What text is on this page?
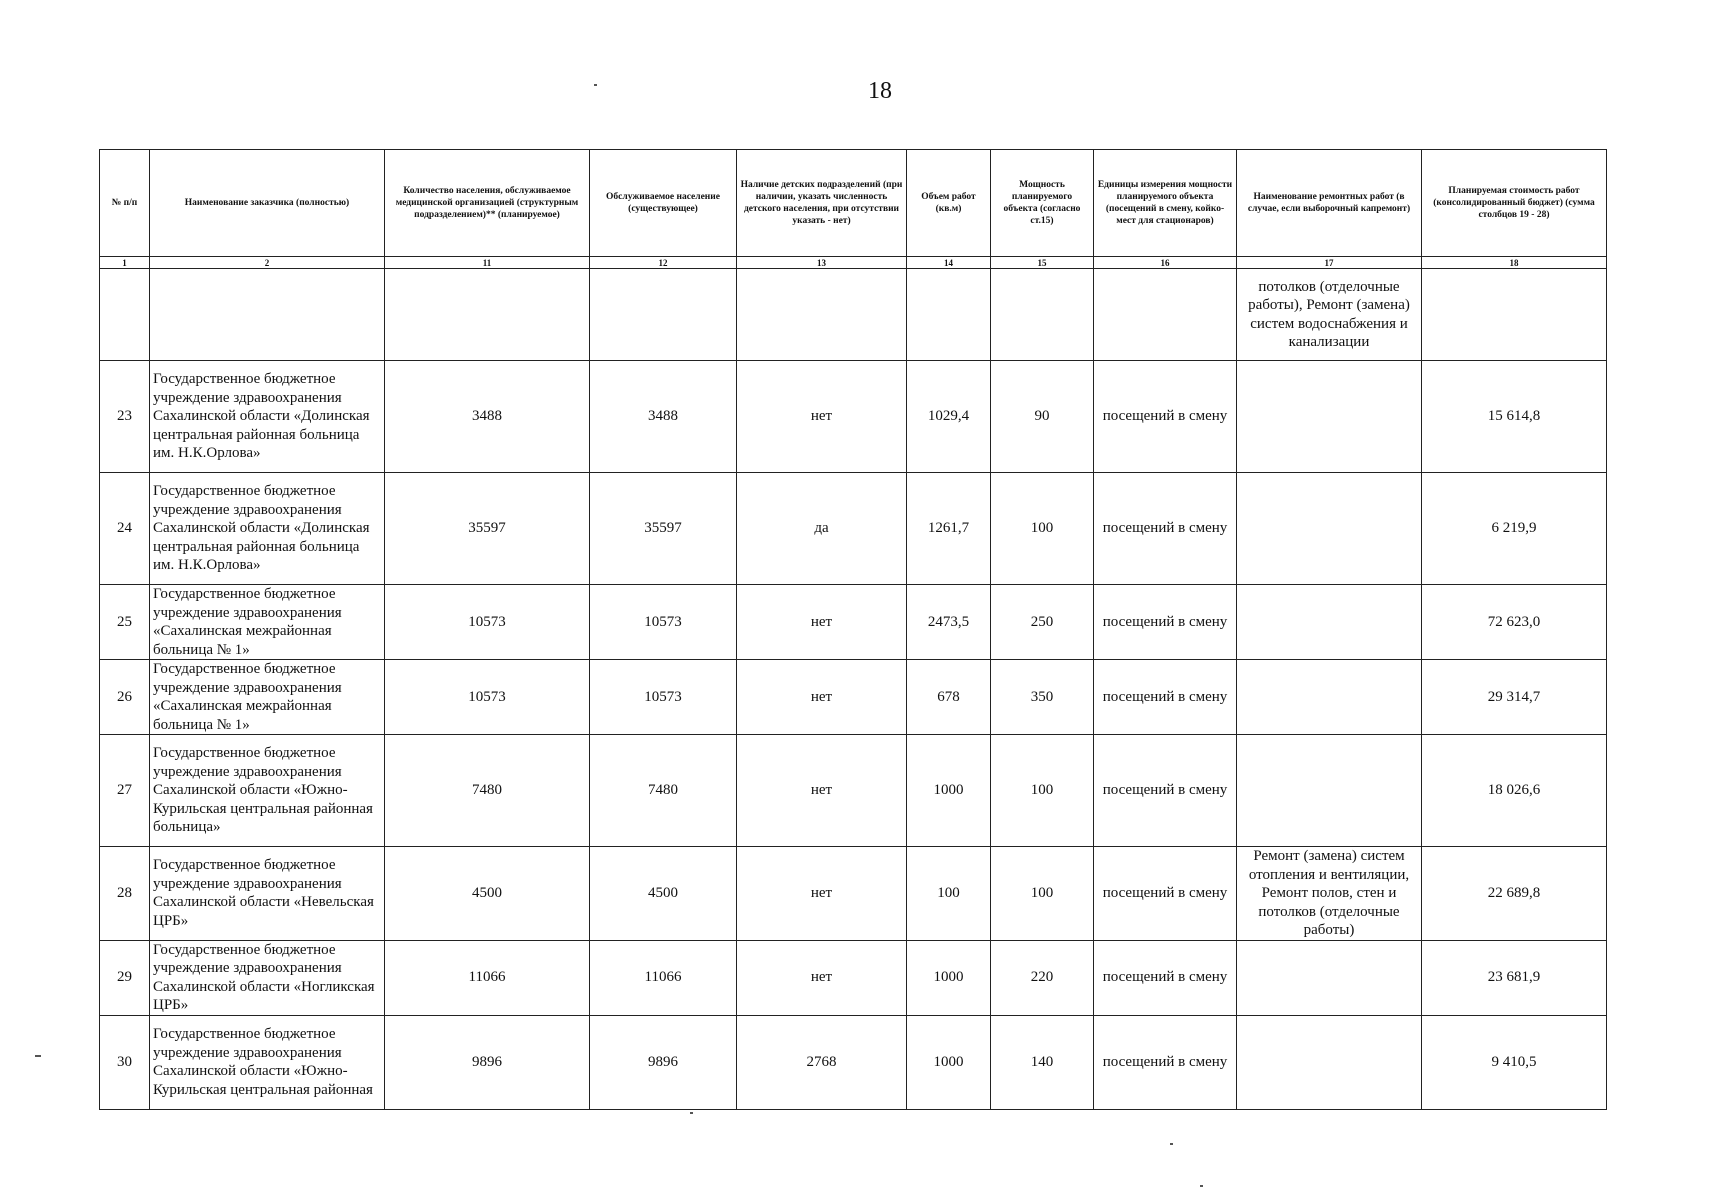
18
№ п/п	Наименование заказчика (полностью)	Количество населения, обслуживаемое медицинской организацией (структурным подразделением)** (планируемое)	Обслуживаемое население (существующее)	Наличие детских подразделений (при наличии, указать численность детского населения, при отсутствии указать - нет)	Объем работ (кв.м)	Мощность планируемого объекта (согласно ст.15)	Единицы измерения мощности планируемого объекта (посещений в смену, койко-мест для стационаров)	Наименование ремонтных работ (в случае, если выборочный капремонт)	Планируемая стоимость работ (консолидированный бюджет) (сумма столбцов 19 - 28)
1	2	11	12	13	14	15	16	17	18
								потолков (отделочные работы), Ремонт (замена) систем водоснабжения и канализации	
23	Государственное бюджетное учреждение здравоохранения Сахалинской области «Долинская центральная районная больница им. Н.К.Орлова»	3488	3488	нет	1029,4	90	посещений в смену		15 614,8
24	Государственное бюджетное учреждение здравоохранения Сахалинской области «Долинская центральная районная больница им. Н.К.Орлова»	35597	35597	да	1261,7	100	посещений в смену		6 219,9
25	Государственное бюджетное учреждение здравоохранения «Сахалинская межрайонная больница № 1»	10573	10573	нет	2473,5	250	посещений в смену		72 623,0
26	Государственное бюджетное учреждение здравоохранения «Сахалинская межрайонная больница № 1»	10573	10573	нет	678	350	посещений в смену		29 314,7
27	Государственное бюджетное учреждение здравоохранения Сахалинской области «Южно-Курильская центральная районная больница»	7480	7480	нет	1000	100	посещений в смену		18 026,6
28	Государственное бюджетное учреждение здравоохранения Сахалинской области «Невельская ЦРБ»	4500	4500	нет	100	100	посещений в смену	Ремонт (замена) систем отопления и вентиляции, Ремонт полов, стен и потолков (отделочные работы)	22 689,8
29	Государственное бюджетное учреждение здравоохранения Сахалинской области «Ногликская ЦРБ»	11066	11066	нет	1000	220	посещений в смену		23 681,9
30	Государственное бюджетное учреждение здравоохранения Сахалинской области «Южно-Курильская центральная районная	9896	9896	2768	1000	140	посещений в смену		9 410,5
